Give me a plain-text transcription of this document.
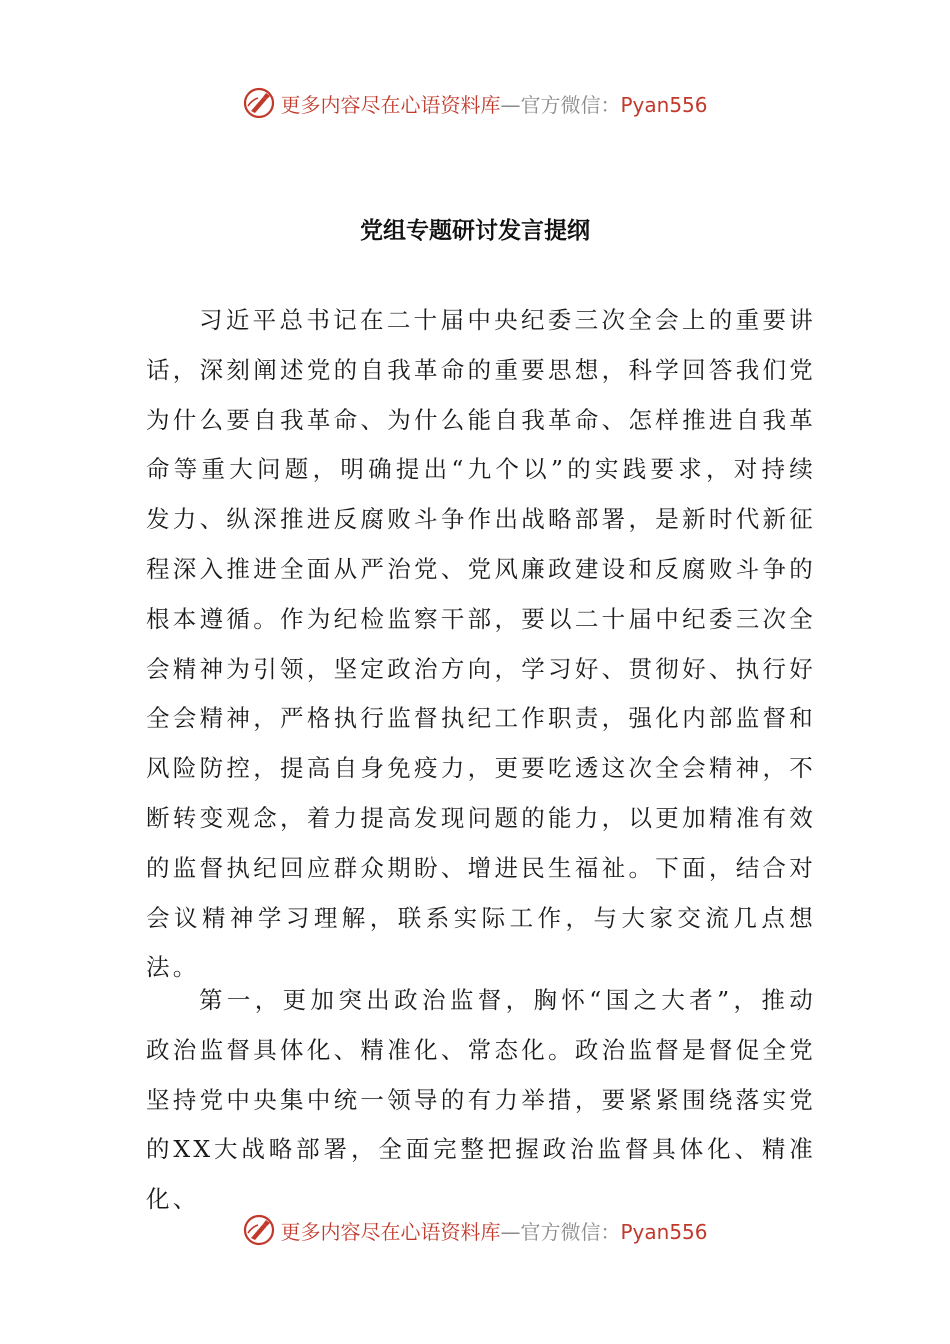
更多内容尽在心语资料库—官方微信：Pyan556
党组专题研讨发言提纲

习近平总书记在二十届中央纪委三次全会上的重要讲话，深刻阐述党的自我革命的重要思想，科学回答我们党为什么要自我革命、为什么能自我革命、怎样推进自我革命等重大问题，明确提出“九个以”的实践要求，对持续发力、纵深推进反腐败斗争作出战略部署，是新时代新征程深入推进全面从严治党、党风廉政建设和反腐败斗争的根本遵循。作为纪检监察干部，要以二十届中纪委三次全会精神为引领，坚定政治方向，学习好、贯彻好、执行好全会精神，严格执行监督执纪工作职责，强化内部监督和风险防控，提高自身免疫力，更要吃透这次全会精神，不断转变观念，着力提高发现问题的能力，以更加精准有效的监督执纪回应群众期盼、增进民生福祉。下面，结合对会议精神学习理解，联系实际工作，与大家交流几点想法。

第一，更加突出政治监督，胸怀“国之大者”，推动政治监督具体化、精准化、常态化。政治监督是督促全党坚持党中央集中统一领导的有力举措，要紧紧围绕落实党的XX大战略部署，全面完整把握政治监督具体化、精准化、

更多内容尽在心语资料库—官方微信：Pyan556
